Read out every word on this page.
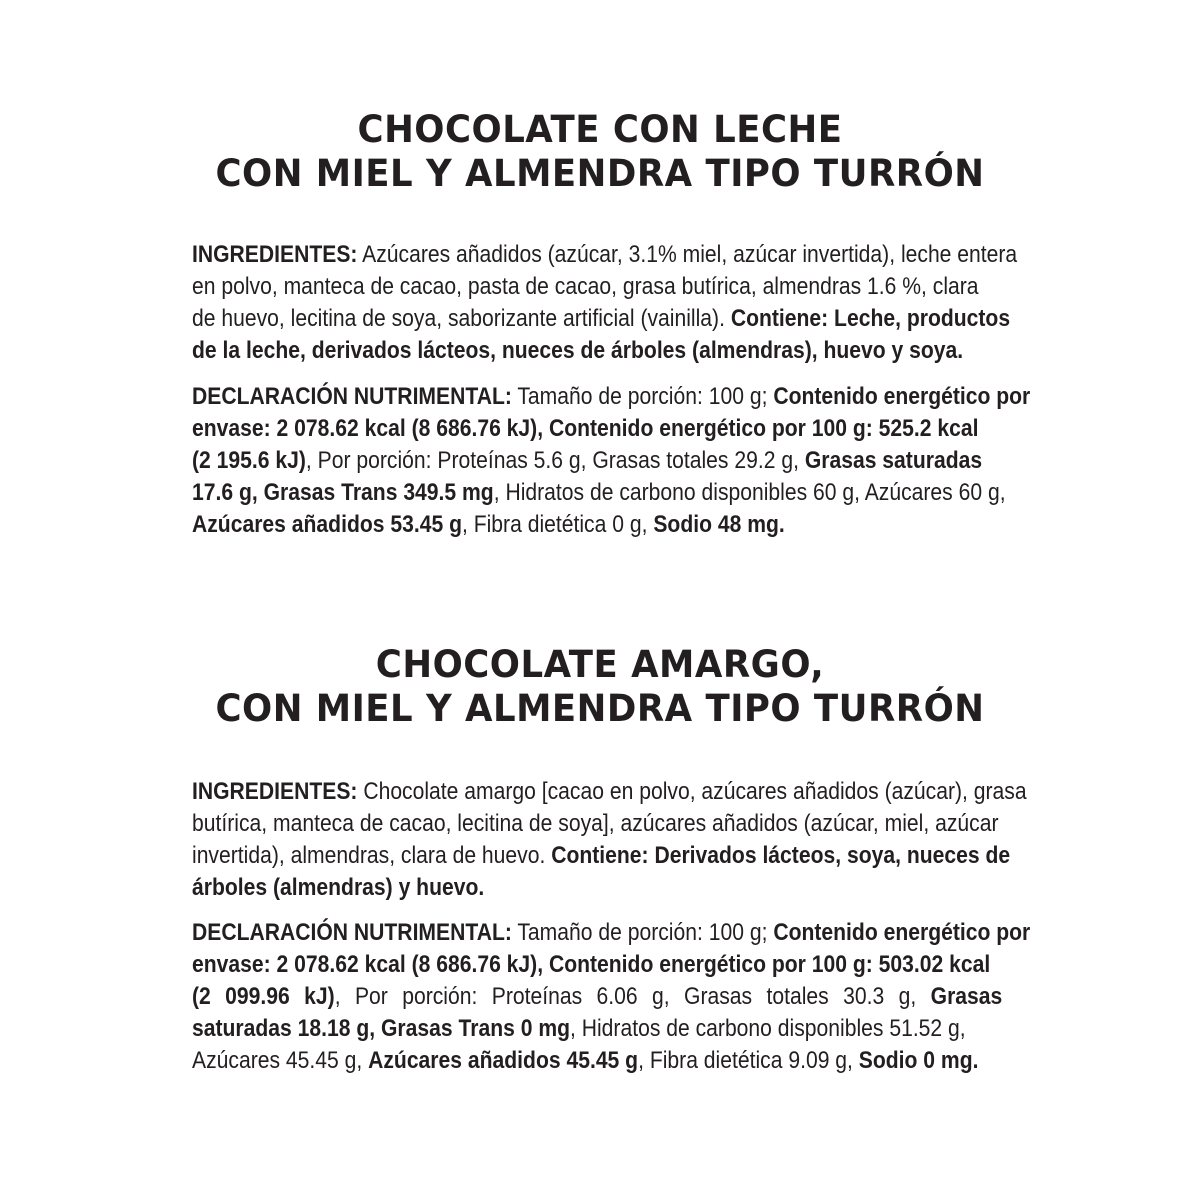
CHOCOLATE CON LECHE
CON MIEL Y ALMENDRA TIPO TURRÓN

INGREDIENTES: Azúcares añadidos (azúcar, 3.1% miel, azúcar invertida), leche entera
en polvo, manteca de cacao, pasta de cacao, grasa butírica, almendras 1.6 %, clara
de huevo, lecitina de soya, saborizante artificial (vainilla). Contiene: Leche, productos
de la leche, derivados lácteos, nueces de árboles (almendras), huevo y soya.

DECLARACIÓN NUTRIMENTAL: Tamaño de porción: 100 g; Contenido energético por
envase: 2 078.62 kcal (8 686.76 kJ), Contenido energético por 100 g: 525.2 kcal
(2 195.6 kJ), Por porción: Proteínas 5.6 g, Grasas totales 29.2 g, Grasas saturadas
17.6 g, Grasas Trans 349.5 mg, Hidratos de carbono disponibles 60 g, Azúcares 60 g,
Azúcares añadidos 53.45 g, Fibra dietética 0 g, Sodio 48 mg.

CHOCOLATE AMARGO,
CON MIEL Y ALMENDRA TIPO TURRÓN

INGREDIENTES: Chocolate amargo [cacao en polvo, azúcares añadidos (azúcar), grasa
butírica, manteca de cacao, lecitina de soya], azúcares añadidos (azúcar, miel, azúcar
invertida), almendras, clara de huevo. Contiene: Derivados lácteos, soya, nueces de
árboles (almendras) y huevo.

DECLARACIÓN NUTRIMENTAL: Tamaño de porción: 100 g; Contenido energético por
envase: 2 078.62 kcal (8 686.76 kJ), Contenido energético por 100 g: 503.02 kcal
(2 099.96 kJ), Por porción: Proteínas 6.06 g, Grasas totales 30.3 g, Grasas
saturadas 18.18 g, Grasas Trans 0 mg, Hidratos de carbono disponibles 51.52 g,
Azúcares 45.45 g, Azúcares añadidos 45.45 g, Fibra dietética 9.09 g, Sodio 0 mg.
